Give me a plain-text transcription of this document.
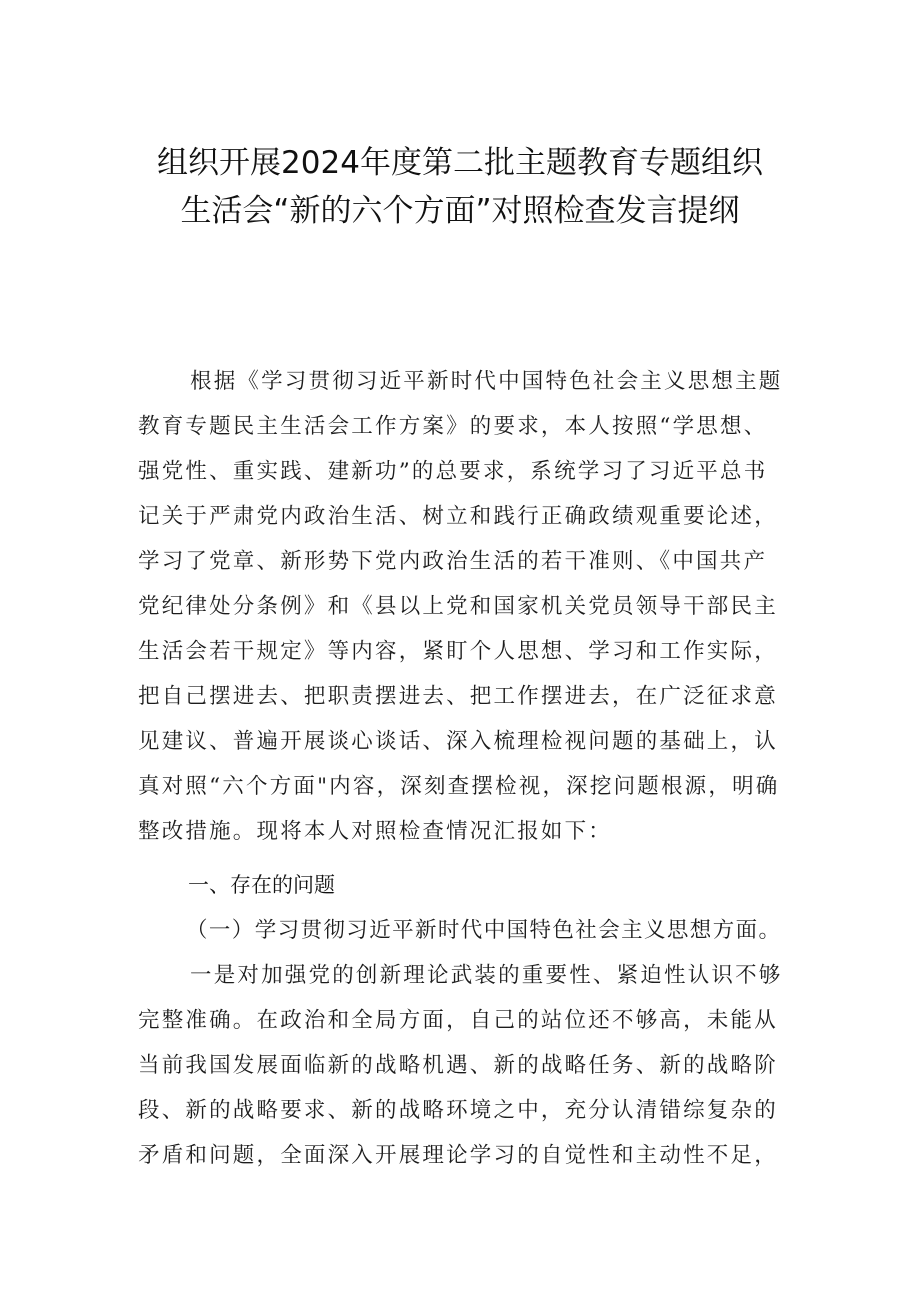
组织开展2024年度第二批主题教育专题组织
生活会“新的六个方面”对照检查发言提纲
根据《学习贯彻习近平新时代中国特色社会主义思想主题
教育专题民主生活会工作方案》的要求，本人按照“学思想、
强党性、重实践、建新功”的总要求，系统学习了习近平总书
记关于严肃党内政治生活、树立和践行正确政绩观重要论述，
学习了党章、新形势下党内政治生活的若干准则、《中国共产
党纪律处分条例》和《县以上党和国家机关党员领导干部民主
生活会若干规定》等内容，紧盯个人思想、学习和工作实际，
把自己摆进去、把职责摆进去、把工作摆进去，在广泛征求意
见建议、普遍开展谈心谈话、深入梳理检视问题的基础上，认
真对照“六个方面"内容，深刻查摆检视，深挖问题根源，明确
整改措施。现将本人对照检查情况汇报如下：
一、存在的问题
（一）学习贯彻习近平新时代中国特色社会主义思想方面。
一是对加强党的创新理论武装的重要性、紧迫性认识不够
完整准确。在政治和全局方面，自己的站位还不够高，未能从
当前我国发展面临新的战略机遇、新的战略任务、新的战略阶
段、新的战略要求、新的战略环境之中，充分认清错综复杂的
矛盾和问题，全面深入开展理论学习的自觉性和主动性不足，
